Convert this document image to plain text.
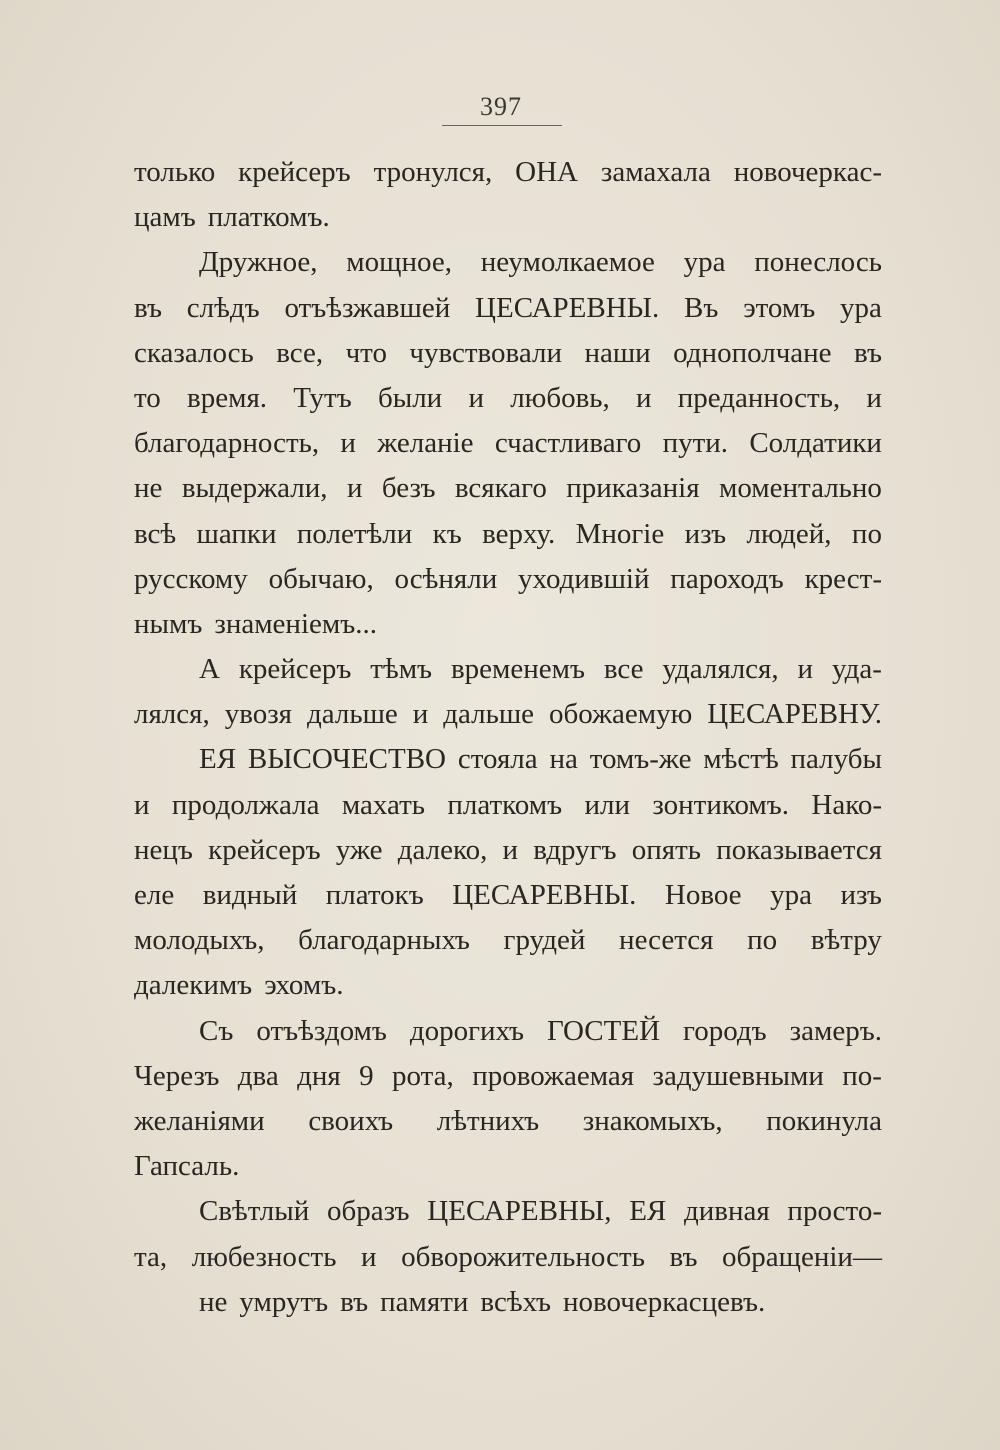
397
только крейсеръ тронулся, ОНА замахала новочеркас-
цамъ платкомъ.
Дружное, мощное, неумолкаемое ура понеслось
въ слѣдъ отъѣзжавшей ЦЕСАРЕВНЫ. Въ этомъ ура
сказалось все, что чувствовали наши однополчане въ
то время. Тутъ были и любовь, и преданность, и
благодарность, и желаніе счастливаго пути. Солдатики
не выдержали, и безъ всякаго приказанія моментально
всѣ шапки полетѣли къ верху. Многіе изъ людей, по
русскому обычаю, осѣняли уходившій пароходъ крест-
нымъ знаменіемъ...
А крейсеръ тѣмъ временемъ все удалялся, и уда-
лялся, увозя дальше и дальше обожаемую ЦЕСАРЕВНУ.
ЕЯ ВЫСОЧЕСТВО стояла на томъ-же мѣстѣ палубы
и продолжала махать платкомъ или зонтикомъ. Нако-
нецъ крейсеръ уже далеко, и вдругъ опять показывается
еле видный платокъ ЦЕСАРЕВНЫ. Новое ура изъ
молодыхъ, благодарныхъ грудей несется по вѣтру
далекимъ эхомъ.
Съ отъѣздомъ дорогихъ ГОСТЕЙ городъ замеръ.
Черезъ два дня 9 рота, провожаемая задушевными по-
желаніями своихъ лѣтнихъ знакомыхъ, покинула
Гапсаль.
Свѣтлый образъ ЦЕСАРЕВНЫ, ЕЯ дивная просто-
та, любезность и обворожительность въ обращеніи—
не умрутъ въ памяти всѣхъ новочеркасцевъ.
